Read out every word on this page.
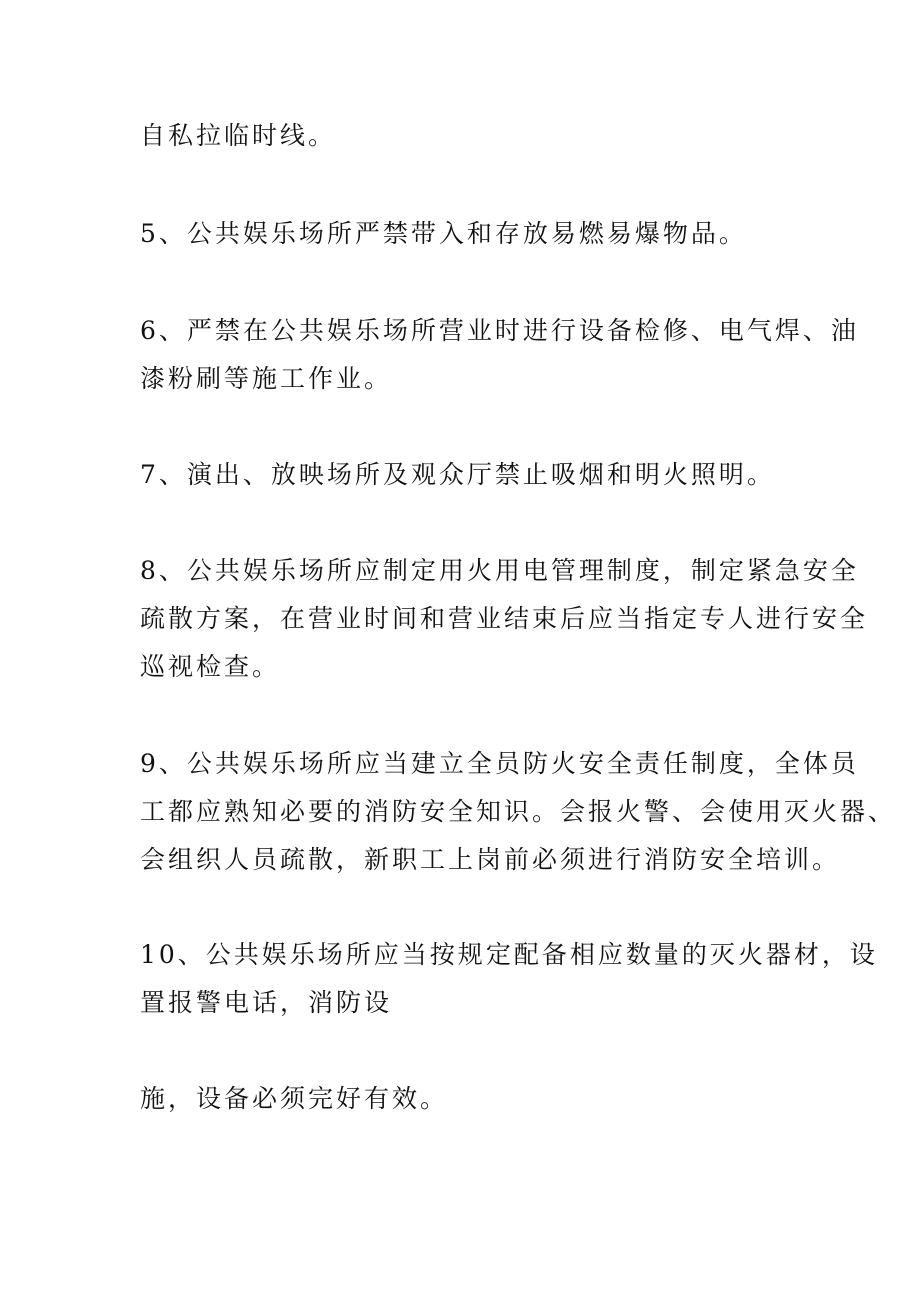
自私拉临时线。

5、公共娱乐场所严禁带入和存放易燃易爆物品。

6、严禁在公共娱乐场所营业时进行设备检修、电气焊、油
漆粉刷等施工作业。

7、演出、放映场所及观众厅禁止吸烟和明火照明。

8、公共娱乐场所应制定用火用电管理制度，制定紧急安全
疏散方案，在营业时间和营业结束后应当指定专人进行安全
巡视检查。

9、公共娱乐场所应当建立全员防火安全责任制度，全体员
工都应熟知必要的消防安全知识。会报火警、会使用灭火器、
会组织人员疏散，新职工上岗前必须进行消防安全培训。

10、公共娱乐场所应当按规定配备相应数量的灭火器材，设
置报警电话，消防设

施，设备必须完好有效。
